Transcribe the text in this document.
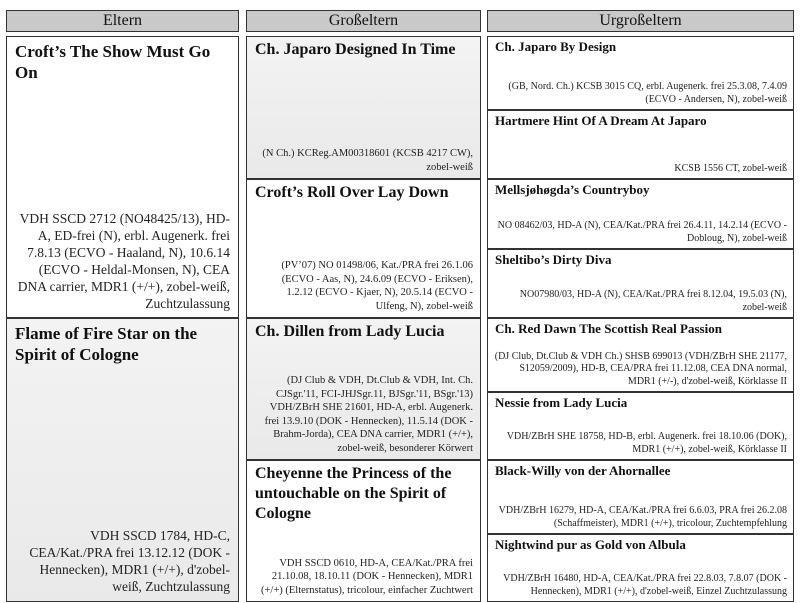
Eltern	Großeltern	Urgroßeltern
Croft’s The Show Must Go On
VDH SSCD 2712 (NO48425/13), HD-A, ED-frei (N), erbl. Augenerk. frei 7.8.13 (ECVO - Haaland, N), 10.6.14 (ECVO - Heldal-Monsen, N), CEA DNA carrier, MDR1 (+/+), zobel-weiß, Zuchtzulassung
Flame of Fire Star on the Spirit of Cologne
VDH SSCD 1784, HD-C, CEA/Kat./PRA frei 13.12.12 (DOK - Hennecken), MDR1 (+/+), d'zobel-weiß, Zuchtzulassung
Ch. Japaro Designed In Time
(N Ch.) KCReg.AM00318601 (KCSB 4217 CW), zobel-weiß
Croft’s Roll Over Lay Down
(PV’07) NO 01498/06, Kat./PRA frei 26.1.06 (ECVO - Aas, N), 24.6.09 (ECVO - Eriksen), 1.2.12 (ECVO - Kjaer, N), 20.5.14 (ECVO - Ulfeng, N), zobel-weiß
Ch. Dillen from Lady Lucia
(DJ Club & VDH, Dt.Club & VDH, Int. Ch. CJSgr.'11, FCI-JHJSgr.11, BJSgr.'11, BSgr.'13) VDH/ZBrH SHE 21601, HD-A, erbl. Augenerk. frei 13.9.10 (DOK - Hennecken), 11.5.14 (DOK - Brahm-Jorda), CEA DNA carrier, MDR1 (+/+), zobel-weiß, besonderer Körwert
Cheyenne the Princess of the untouchable on the Spirit of Cologne
VDH SSCD 0610, HD-A, CEA/Kat./PRA frei 21.10.08, 18.10.11 (DOK - Hennecken), MDR1 (+/+) (Elternstatus), tricolour, einfacher Zuchtwert
Ch. Japaro By Design
(GB, Nord. Ch.) KCSB 3015 CQ, erbl. Augenerk. frei 25.3.08, 7.4.09 (ECVO - Andersen, N), zobel-weiß
Hartmere Hint Of A Dream At Japaro
KCSB 1556 CT, zobel-weiß
Mellsjøhøgda’s Countryboy
NO 08462/03, HD-A (N), CEA/Kat./PRA frei 26.4.11, 14.2.14 (ECVO - Dobloug, N), zobel-weiß
Sheltibo’s Dirty Diva
NO07980/03, HD-A (N), CEA/Kat./PRA frei 8.12.04, 19.5.03 (N), zobel-weiß
Ch. Red Dawn The Scottish Real Passion
(DJ Club, Dt.Club & VDH Ch.) SHSB 699013 (VDH/ZBrH SHE 21177, S12059/2009), HD-B, CEA/PRA frei 11.12.08, CEA DNA normal, MDR1 (+/-), d'zobel-weiß, Körklasse II
Nessie from Lady Lucia
VDH/ZBrH SHE 18758, HD-B, erbl. Augenerk. frei 18.10.06 (DOK), MDR1 (+/+), zobel-weiß, Körklasse II
Black-Willy von der Ahornallee
VDH/ZBrH 16279, HD-A, CEA/Kat./PRA frei 6.6.03, PRA frei 26.2.08 (Schaffmeister), MDR1 (+/+), tricolour, Zuchtempfehlung
Nightwind pur as Gold von Albula
VDH/ZBrH 16480, HD-A, CEA/Kat./PRA frei 22.8.03, 7.8.07 (DOK - Hennecken), MDR1 (+/+), d'zobel-weiß, Einzel Zuchtzulassung
